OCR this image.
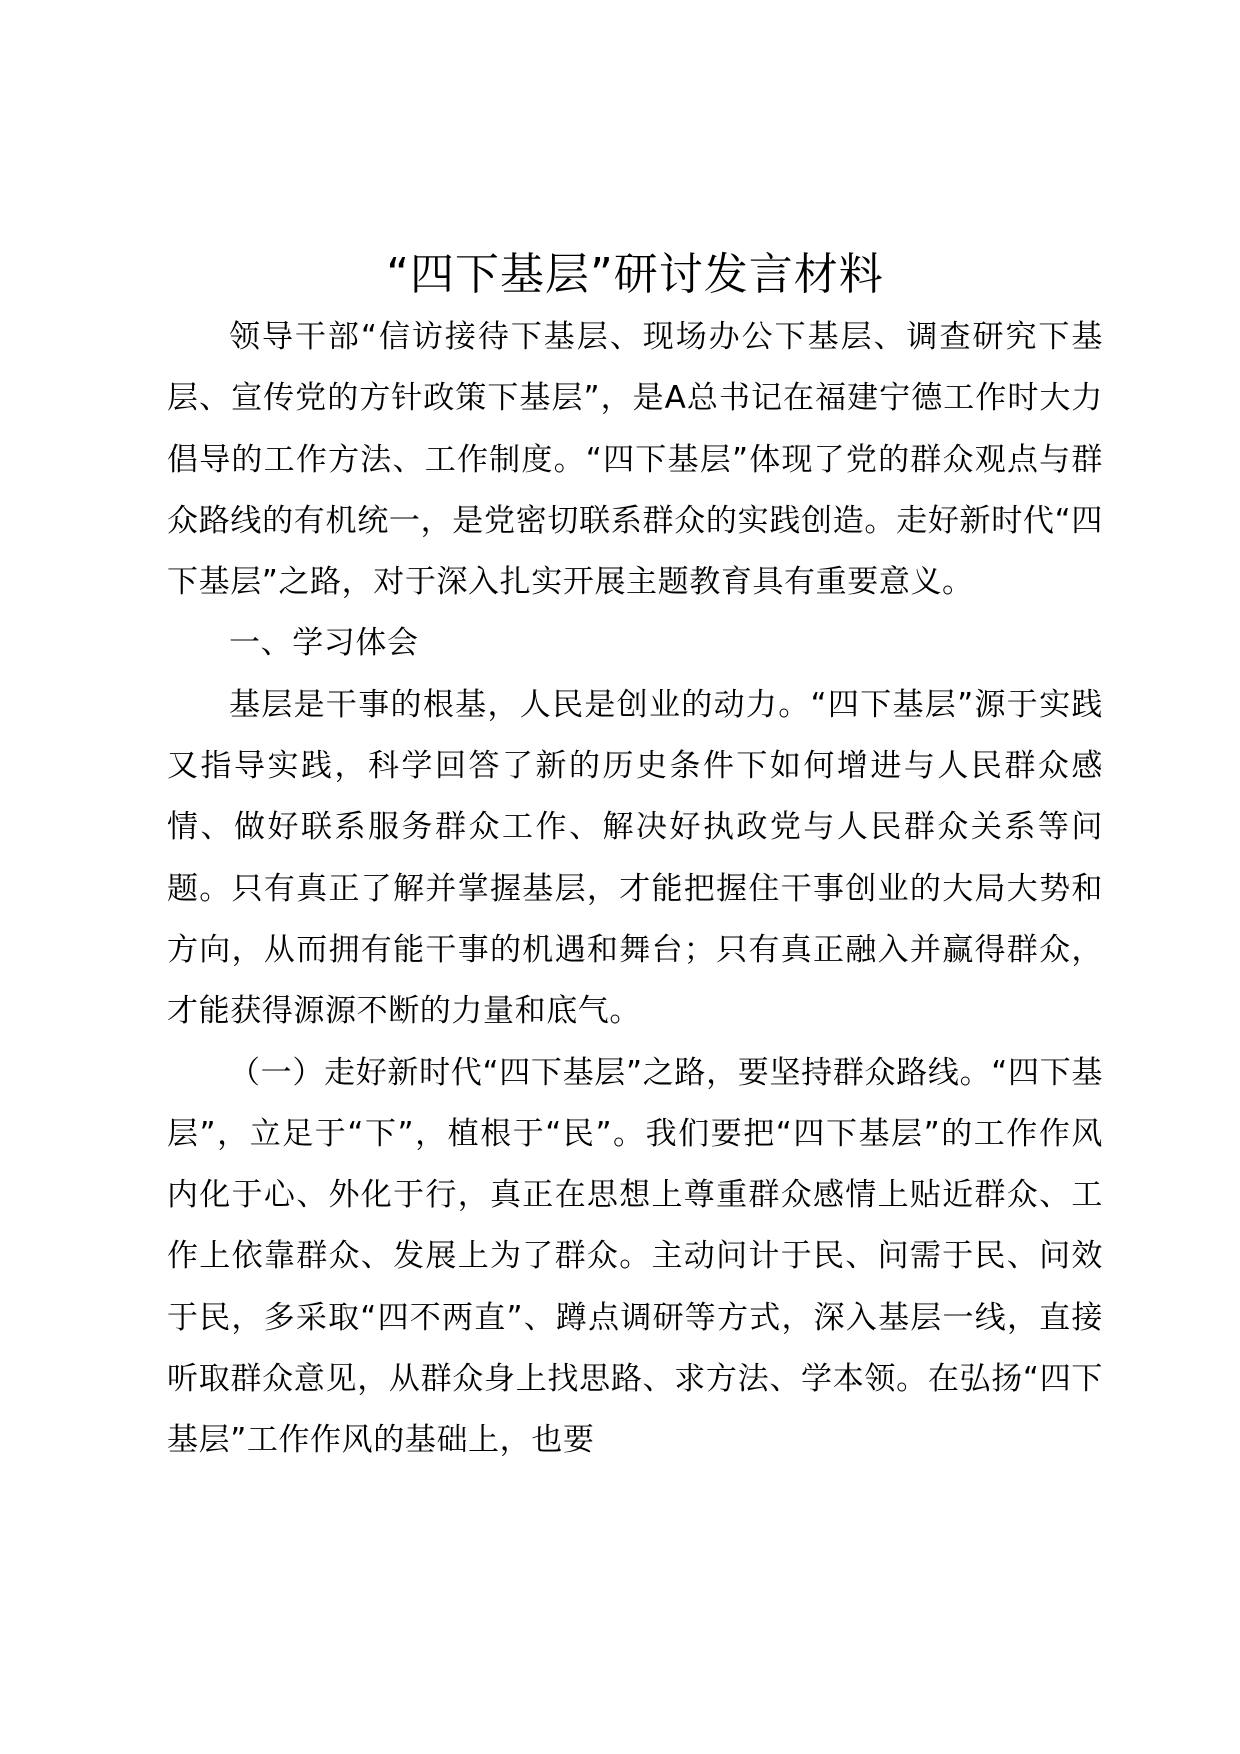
“四下基层”研讨发言材料

领导干部“信访接待下基层、现场办公下基层、调查研究下基层、宣传党的方针政策下基层”，是A总书记在福建宁德工作时大力倡导的工作方法、工作制度。“四下基层”体现了党的群众观点与群众路线的有机统一，是党密切联系群众的实践创造。走好新时代“四下基层”之路，对于深入扎实开展主题教育具有重要意义。

一、学习体会

基层是干事的根基，人民是创业的动力。“四下基层”源于实践又指导实践，科学回答了新的历史条件下如何增进与人民群众感情、做好联系服务群众工作、解决好执政党与人民群众关系等问题。只有真正了解并掌握基层，才能把握住干事创业的大局大势和方向，从而拥有能干事的机遇和舞台；只有真正融入并赢得群众，才能获得源源不断的力量和底气。

（一）走好新时代“四下基层”之路，要坚持群众路线。“四下基层”，立足于“下”，植根于“民”。我们要把“四下基层”的工作作风内化于心、外化于行，真正在思想上尊重群众感情上贴近群众、工作上依靠群众、发展上为了群众。主动问计于民、问需于民、问效于民，多采取“四不两直”、蹲点调研等方式，深入基层一线，直接听取群众意见，从群众身上找思路、求方法、学本领。在弘扬“四下基层”工作作风的基础上，也要
